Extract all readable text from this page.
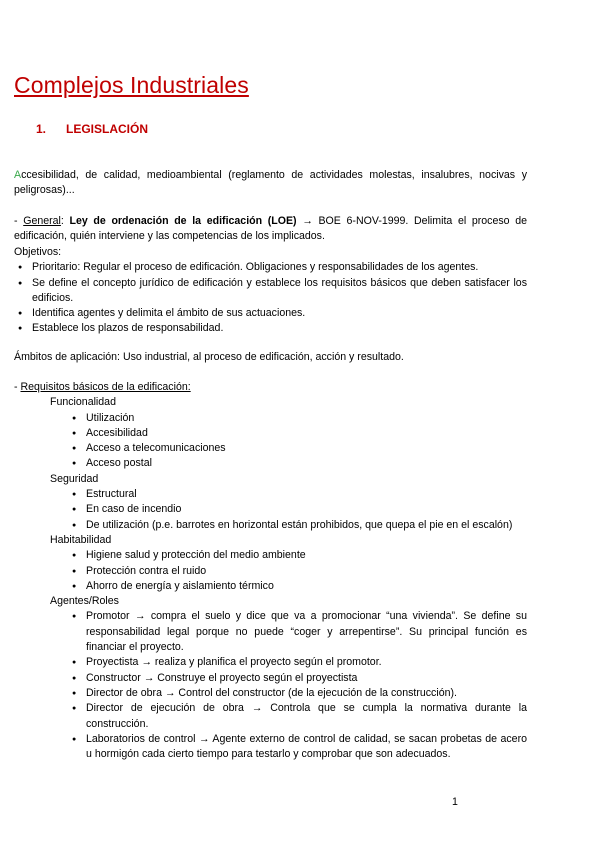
Complejos Industriales
1. LEGISLACIÓN

Accesibilidad, de calidad, medioambiental (reglamento de actividades molestas, insalubres, nocivas y peligrosas)...

- General: Ley de ordenación de la edificación (LOE) → BOE 6-NOV-1999. Delimita el proceso de edificación, quién interviene y las competencias de los implicados.

Objetivos:
● Prioritario: Regular el proceso de edificación. Obligaciones y responsabilidades de los agentes.
● Se define el concepto jurídico de edificación y establece los requisitos básicos que deben satisfacer los edificios.
● Identifica agentes y delimita el ámbito de sus actuaciones.
● Establece los plazos de responsabilidad.

Ámbitos de aplicación: Uso industrial, al proceso de edificación, acción y resultado.

- Requisitos básicos de la edificación:
Funcionalidad
● Utilización
● Accesibilidad
● Acceso a telecomunicaciones
● Acceso postal
Seguridad
● Estructural
● En caso de incendio
● De utilización (p.e. barrotes en horizontal están prohibidos, que quepa el pie en el escalón)
Habitabilidad
● Higiene salud y protección del medio ambiente
● Protección contra el ruido
● Ahorro de energía y aislamiento térmico
Agentes/Roles
● Promotor → compra el suelo y dice que va a promocionar “una vivienda”. Se define su responsabilidad legal porque no puede “coger y arrepentirse”. Su principal función es financiar el proyecto.
● Proyectista → realiza y planifica el proyecto según el promotor.
● Constructor → Construye el proyecto según el proyectista
● Director de obra → Control del constructor (de la ejecución de la construcción).
● Director de ejecución de obra → Controla que se cumpla la normativa durante la construcción.
● Laboratorios de control → Agente externo de control de calidad, se sacan probetas de acero u hormigón cada cierto tiempo para testarlo y comprobar que son adecuados.
1
